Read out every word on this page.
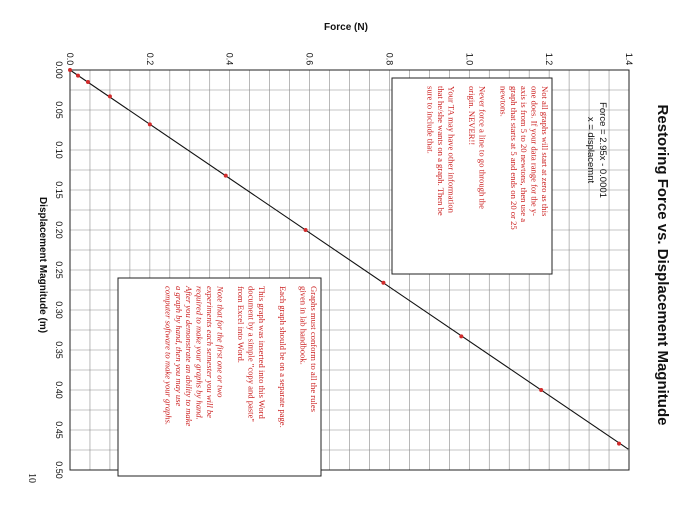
0.0	0.2	0.4	0.6	0.8	1.0	1.2	1.4
0.00
0.05
0.10
0.15
0.20
0.25
0.30
0.35
0.40
0.45
0.50
Restoring Force vs. Displacement Magnitude
Force (N)
Displacement Magnitude (m)
Force = 2.95x - 0.0001
x = displacemnt
Not all graphs will start at zero as this
one does. If your data range for the y-
axis is from 5 to 20 newtons, then use a
graph that starts at 5 and ends on 20 or 25
newtons.
Never force a line to go through the
origin. NEVER!!
Your TA may have other information
that he/she wants on a graph. Then be
sure to include that.
Graphs must conform to all the rules
given in lab handbook.
Each graph should be on a separate page.
This graph was inserted into this Word
document by a simple "copy and paste"
from Excel into Word.
Note that for the first one or two
experiments each semester you will be
required to make your graphs by hand.
After you demonstrate an ability to make
a graph by hand, then you may use
computer software to make your graphs.
10
